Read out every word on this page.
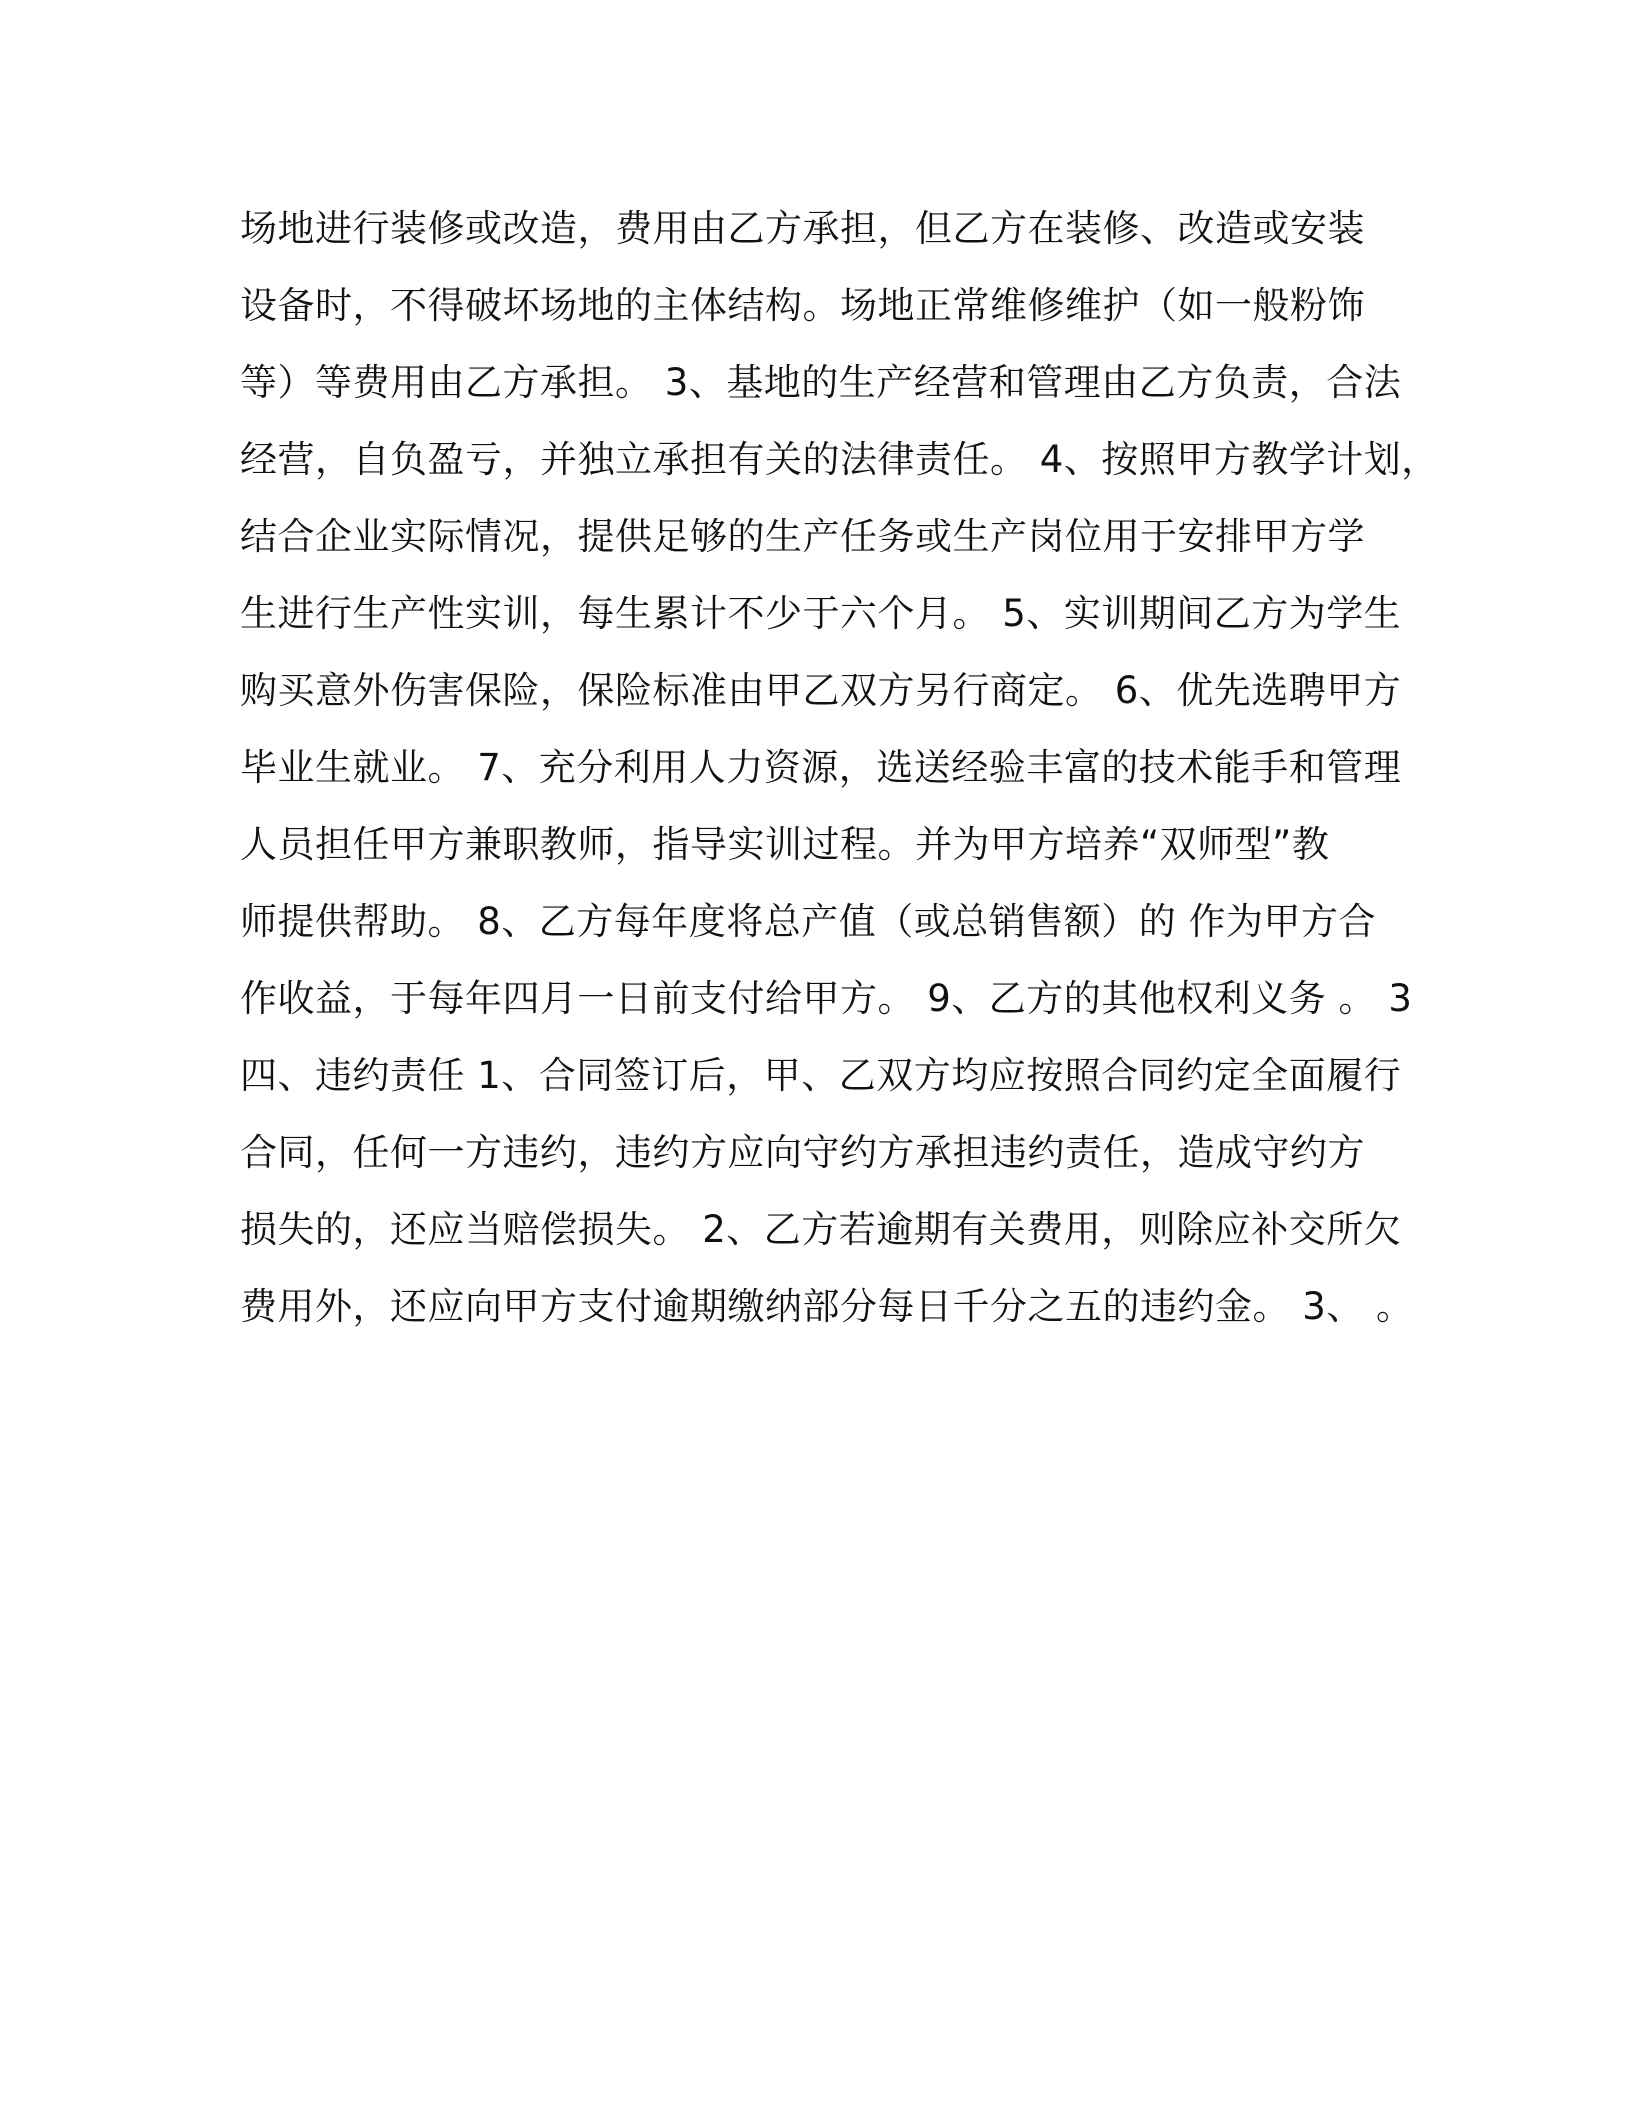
场地进行装修或改造，费用由乙方承担，但乙方在装修、改造或安装
设备时，不得破坏场地的主体结构。场地正常维修维护（如一般粉饰
等）等费用由乙方承担。 3、基地的生产经营和管理由乙方负责，合法
经营，自负盈亏，并独立承担有关的法律责任。 4、按照甲方教学计划，
结合企业实际情况，提供足够的生产任务或生产岗位用于安排甲方学
生进行生产性实训，每生累计不少于六个月。 5、实训期间乙方为学生
购买意外伤害保险，保险标准由甲乙双方另行商定。 6、优先选聘甲方
毕业生就业。 7、充分利用人力资源，选送经验丰富的技术能手和管理
人员担任甲方兼职教师，指导实训过程。并为甲方培养“双师型”教
师提供帮助。 8、乙方每年度将总产值（或总销售额）的 作为甲方合
作收益，于每年四月一日前支付给甲方。 9、乙方的其他权利义务 。 3
四、违约责任 1、合同签订后，甲、乙双方均应按照合同约定全面履行
合同，任何一方违约，违约方应向守约方承担违约责任，造成守约方
损失的，还应当赔偿损失。 2、乙方若逾期有关费用，则除应补交所欠
费用外，还应向甲方支付逾期缴纳部分每日千分之五的违约金。 3、 。
